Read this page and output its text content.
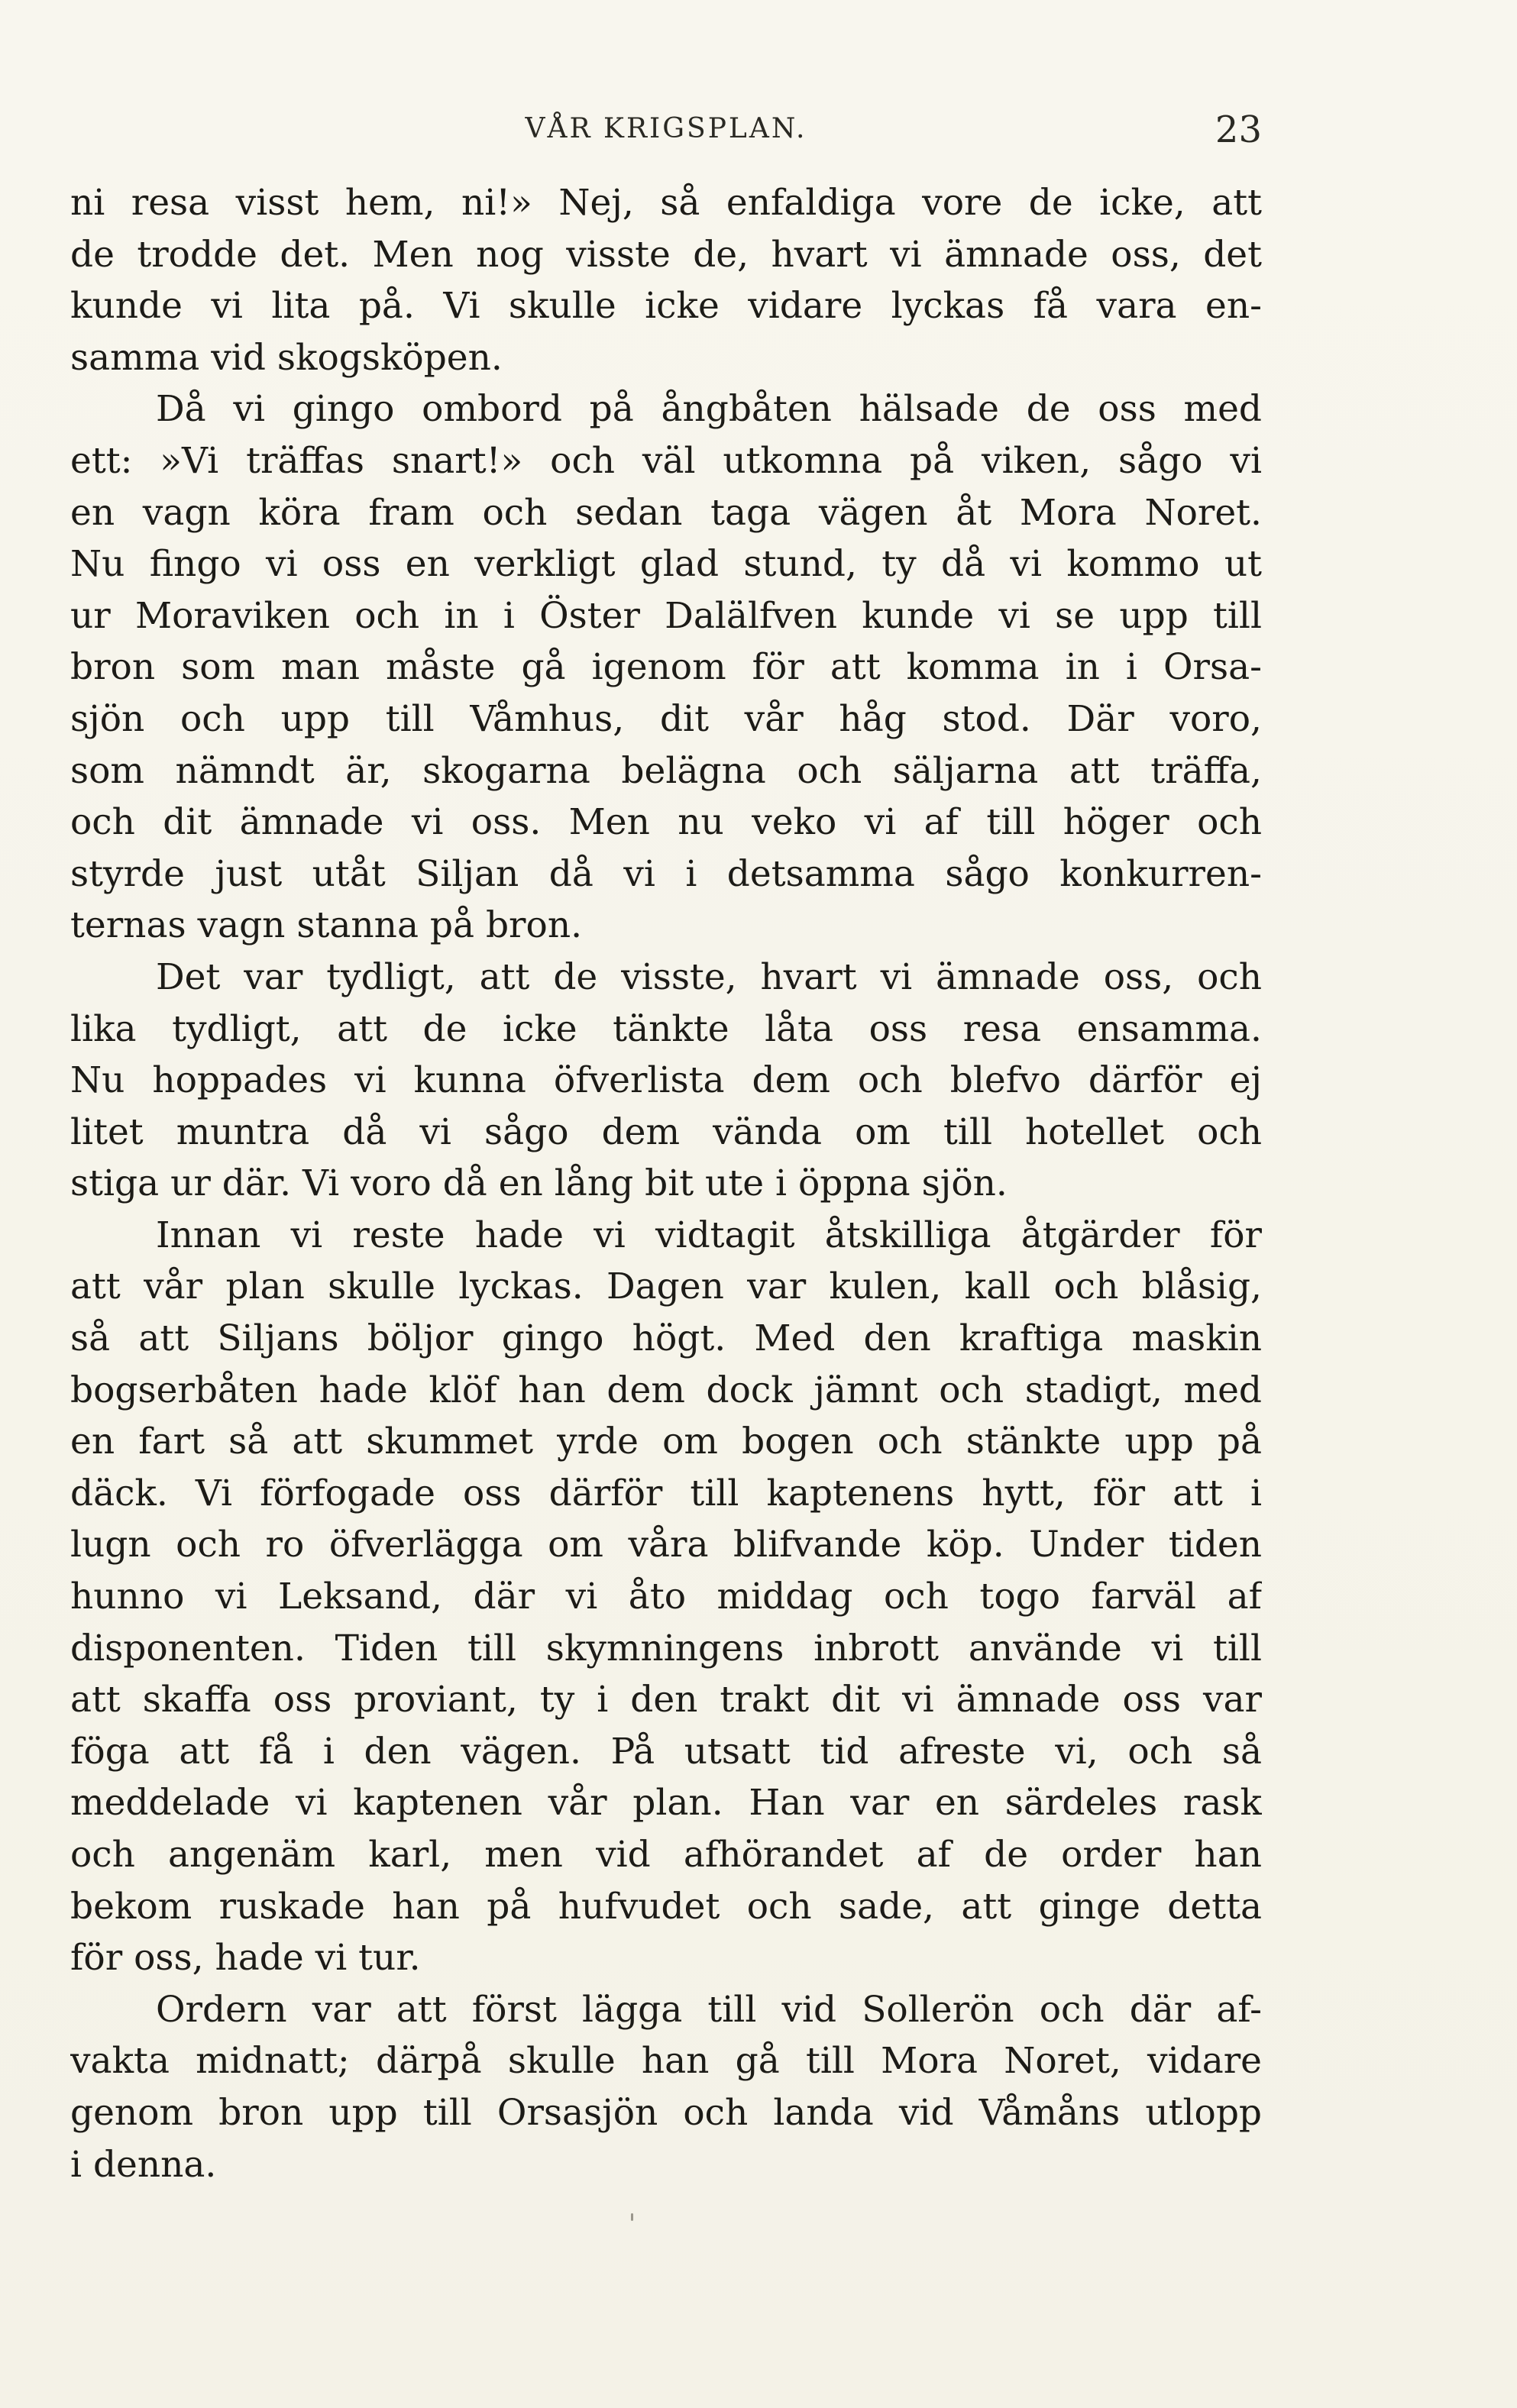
VÅR KRIGSPLAN.	23
ni resa visst hem, ni!» Nej, så enfaldiga vore de icke, att
de trodde det. Men nog visste de, hvart vi ämnade oss, det
kunde vi lita på. Vi skulle icke vidare lyckas få vara en-
samma vid skogsköpen.
Då vi gingo ombord på ångbåten hälsade de oss med
ett: »Vi träffas snart!» och väl utkomna på viken, sågo vi
en vagn köra fram och sedan taga vägen åt Mora Noret.
Nu fingo vi oss en verkligt glad stund, ty då vi kommo ut
ur Moraviken och in i Öster Dalälfven kunde vi se upp till
bron som man måste gå igenom för att komma in i Orsa-
sjön och upp till Våmhus, dit vår håg stod. Där voro,
som nämndt är, skogarna belägna och säljarna att träffa,
och dit ämnade vi oss. Men nu veko vi af till höger och
styrde just utåt Siljan då vi i detsamma sågo konkurren-
ternas vagn stanna på bron.
Det var tydligt, att de visste, hvart vi ämnade oss, och
lika tydligt, att de icke tänkte låta oss resa ensamma.
Nu hoppades vi kunna öfverlista dem och blefvo därför ej
litet muntra då vi sågo dem vända om till hotellet och
stiga ur där. Vi voro då en lång bit ute i öppna sjön.
Innan vi reste hade vi vidtagit åtskilliga åtgärder för
att vår plan skulle lyckas. Dagen var kulen, kall och blåsig,
så att Siljans böljor gingo högt. Med den kraftiga maskin
bogserbåten hade klöf han dem dock jämnt och stadigt, med
en fart så att skummet yrde om bogen och stänkte upp på
däck. Vi förfogade oss därför till kaptenens hytt, för att i
lugn och ro öfverlägga om våra blifvande köp. Under tiden
hunno vi Leksand, där vi åto middag och togo farväl af
disponenten. Tiden till skymningens inbrott använde vi till
att skaffa oss proviant, ty i den trakt dit vi ämnade oss var
föga att få i den vägen. På utsatt tid afreste vi, och så
meddelade vi kaptenen vår plan. Han var en särdeles rask
och angenäm karl, men vid afhörandet af de order han
bekom ruskade han på hufvudet och sade, att ginge detta
för oss, hade vi tur.
Ordern var att först lägga till vid Sollerön och där af-
vakta midnatt; därpå skulle han gå till Mora Noret, vidare
genom bron upp till Orsasjön och landa vid Våmåns utlopp
i denna.
